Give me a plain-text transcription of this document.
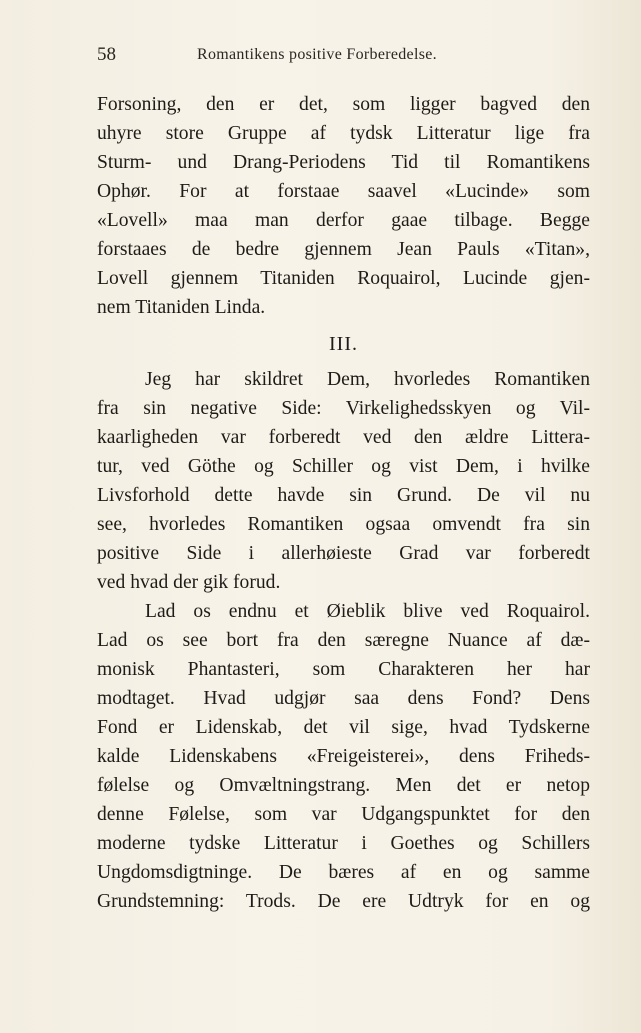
58	Romantikens positive Forberedelse.
Forsoning, den er det, som ligger bagved den
uhyre store Gruppe af tydsk Litteratur lige fra
Sturm- und Drang-Periodens Tid til Romantikens
Ophør. For at forstaae saavel «Lucinde» som
«Lovell» maa man derfor gaae tilbage. Begge
forstaaes de bedre gjennem Jean Pauls «Titan»,
Lovell gjennem Titaniden Roquairol, Lucinde gjen-
nem Titaniden Linda.
III.
Jeg har skildret Dem, hvorledes Romantiken
fra sin negative Side: Virkelighedsskyen og Vil-
kaarligheden var forberedt ved den ældre Littera-
tur, ved Göthe og Schiller og vist Dem, i hvilke
Livsforhold dette havde sin Grund. De vil nu
see, hvorledes Romantiken ogsaa omvendt fra sin
positive Side i allerhøieste Grad var forberedt
ved hvad der gik forud.
Lad os endnu et Øieblik blive ved Roquairol.
Lad os see bort fra den særegne Nuance af dæ-
monisk Phantasteri, som Charakteren her har
modtaget. Hvad udgjør saa dens Fond? Dens
Fond er Lidenskab, det vil sige, hvad Tydskerne
kalde Lidenskabens «Freigeisterei», dens Friheds-
følelse og Omvæltningstrang. Men det er netop
denne Følelse, som var Udgangspunktet for den
moderne tydske Litteratur i Goethes og Schillers
Ungdomsdigtninge. De bæres af en og samme
Grundstemning: Trods. De ere Udtryk for en og
